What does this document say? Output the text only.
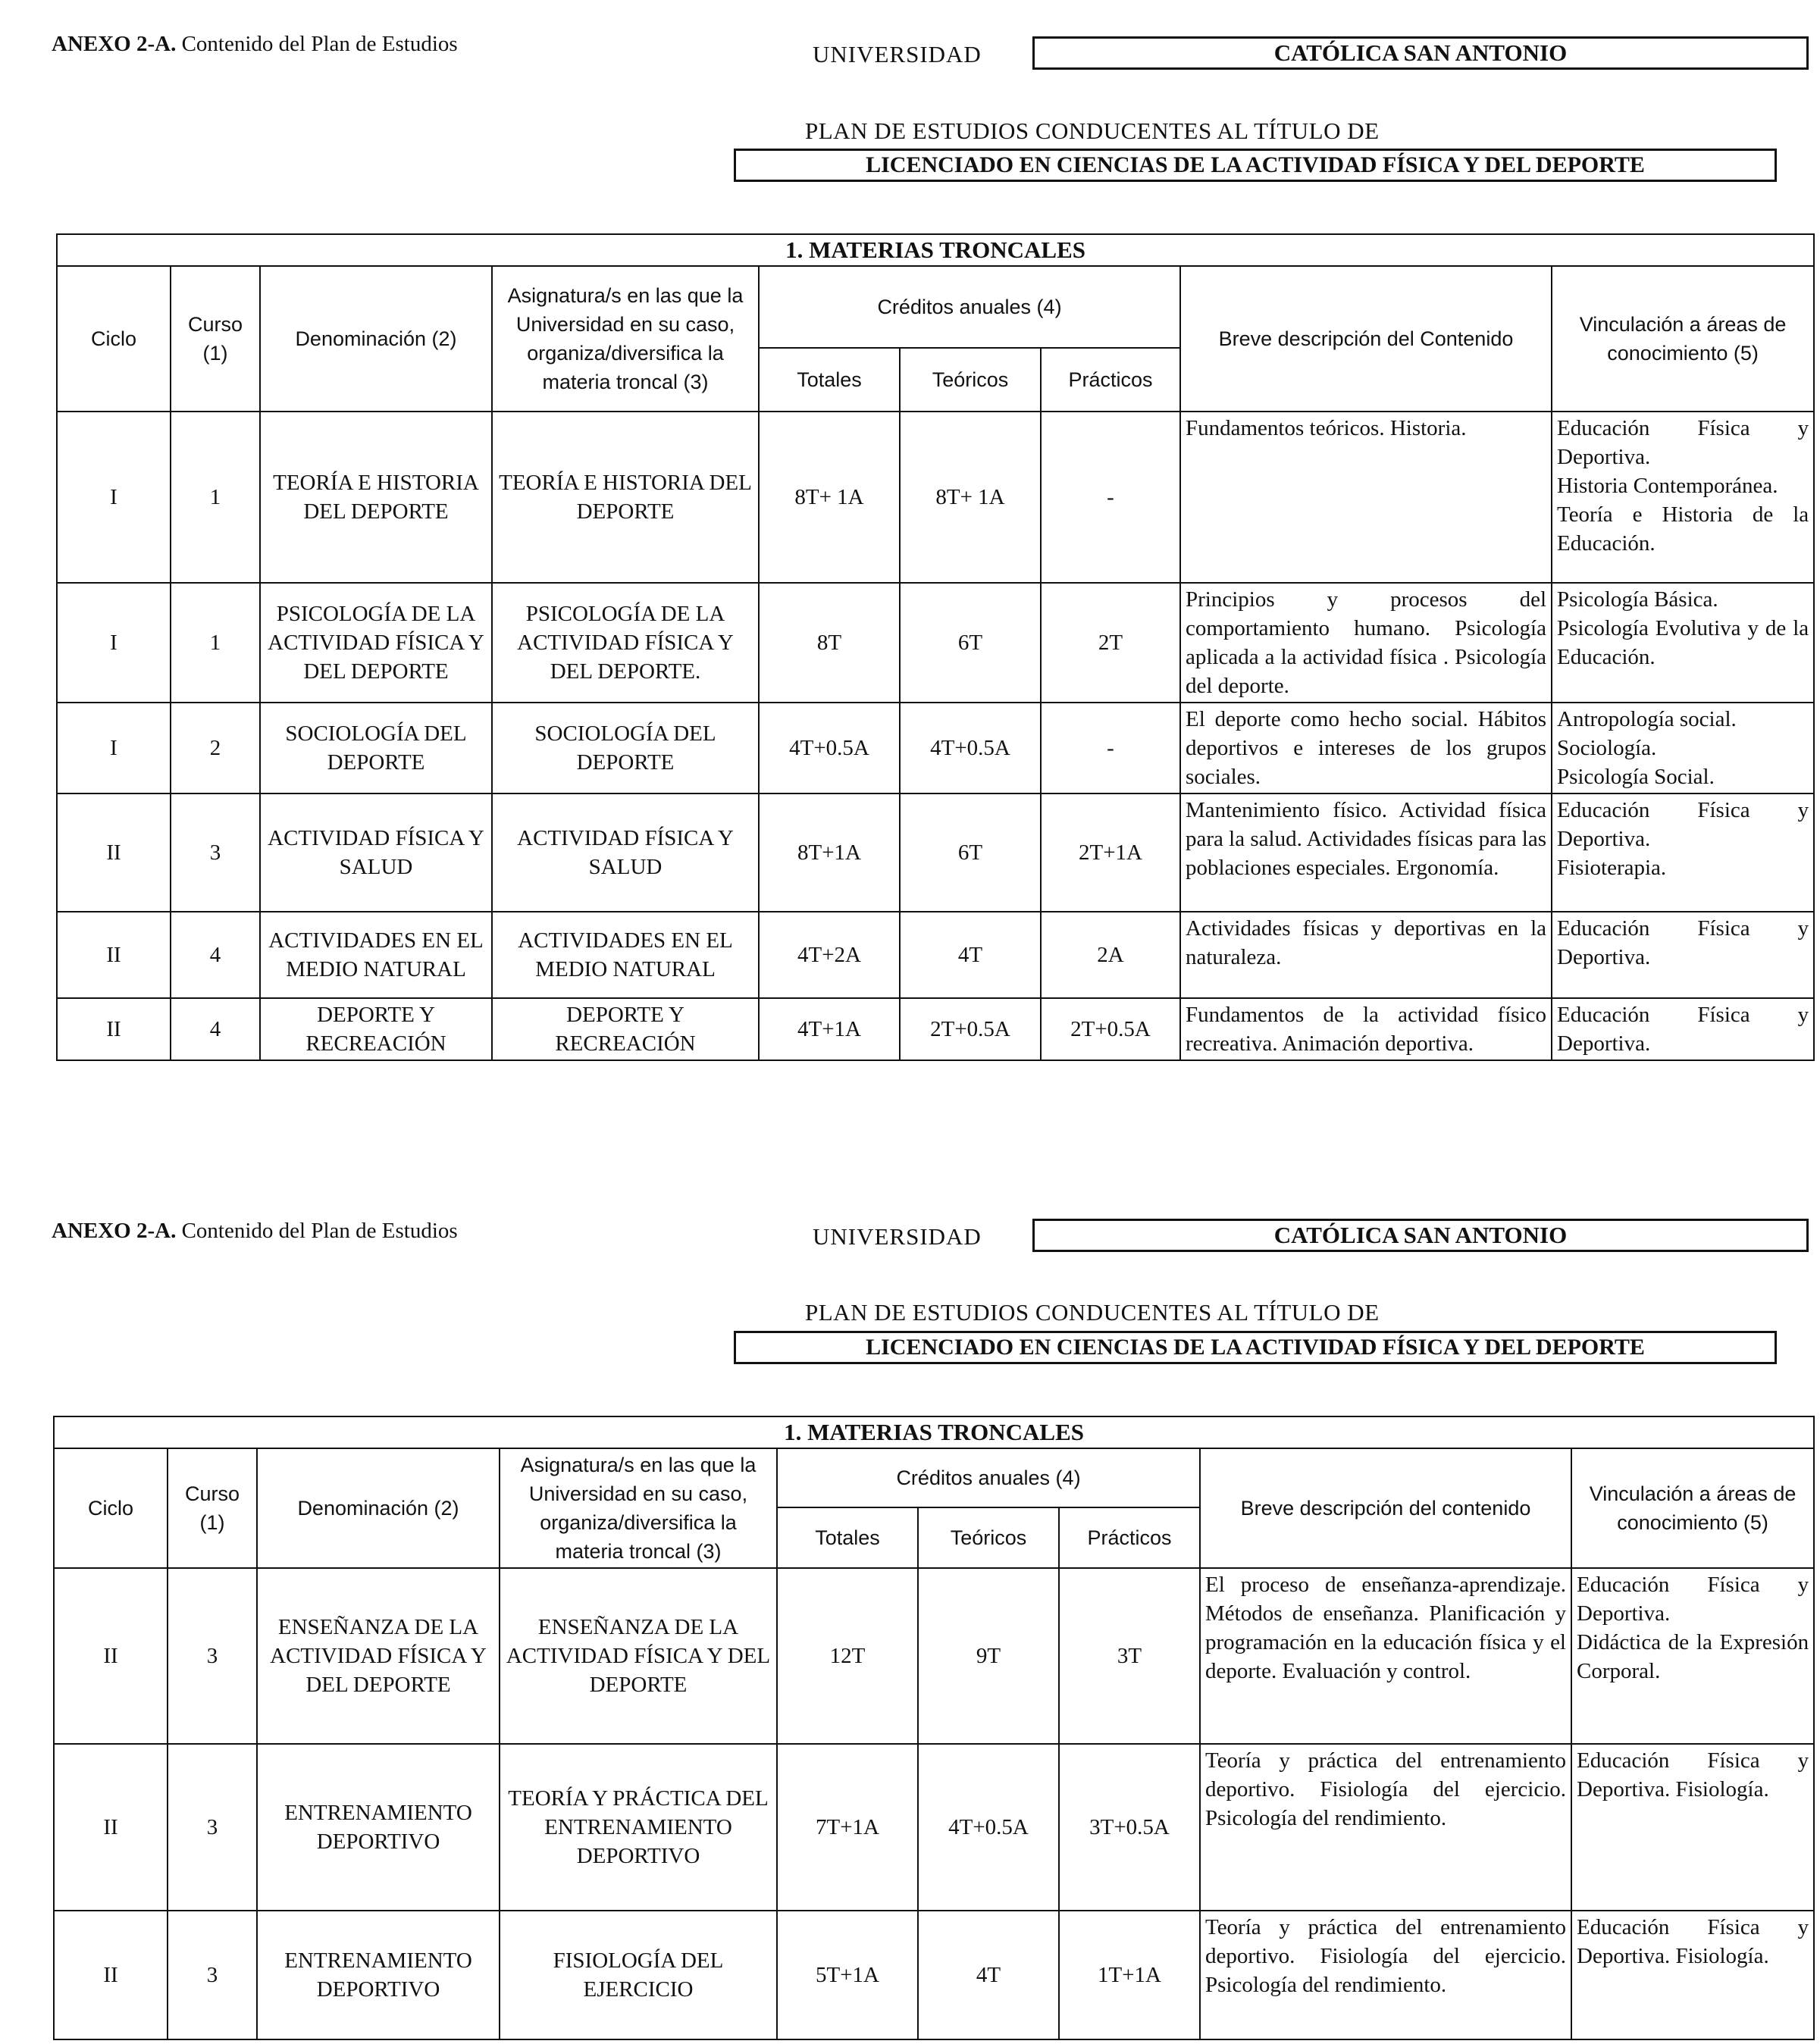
ANEXO 2-A. Contenido del Plan de Estudios	UNIVERSIDAD	CATÓLICA SAN ANTONIO
PLAN DE ESTUDIOS CONDUCENTES AL TÍTULO DE
LICENCIADO EN CIENCIAS DE LA ACTIVIDAD FÍSICA Y DEL DEPORTE
1. MATERIAS TRONCALES								
Ciclo	Curso (1)	Denominación (2)	Asignatura/s en las que la Universidad en su caso, organiza/diversifica la materia troncal (3)	Créditos anuales (4)			Breve descripción del Contenido	Vinculación a áreas de conocimiento (5)
				Totales	Teóricos	Prácticos		
I	1	TEORÍA E HISTORIA DEL DEPORTE	TEORÍA E HISTORIA DEL DEPORTE	8T+ 1A	8T+ 1A	-	Fundamentos teóricos. Historia.	Educación Física y Deportiva.
Historia Contemporánea.
Teoría e Historia de la Educación.

I	1	PSICOLOGÍA DE LA ACTIVIDAD FÍSICA Y DEL DEPORTE	PSICOLOGÍA DE LA ACTIVIDAD FÍSICA Y DEL DEPORTE.	8T	6T	2T	Principios y procesos del comportamiento humano. Psicología aplicada a la actividad física . Psicología del deporte.	Psicología Básica.
Psicología Evolutiva y de la Educación.

I	2	SOCIOLOGÍA DEL DEPORTE	SOCIOLOGÍA DEL DEPORTE	4T+0.5A	4T+0.5A	-	El deporte como hecho social. Hábitos deportivos e intereses de los grupos sociales.	Antropología social.
Sociología.
Psicología Social.

II	3	ACTIVIDAD FÍSICA Y SALUD	ACTIVIDAD FÍSICA Y SALUD	8T+1A	6T	2T+1A	Mantenimiento físico. Actividad física para la salud. Actividades físicas para las poblaciones especiales. Ergonomía.	Educación Física y Deportiva.
Fisioterapia.

II	4	ACTIVIDADES EN EL MEDIO NATURAL	ACTIVIDADES EN EL MEDIO NATURAL	4T+2A	4T	2A	Actividades físicas y deportivas en la naturaleza.	Educación Física y Deportiva.

II	4	DEPORTE Y RECREACIÓN	DEPORTE Y RECREACIÓN	4T+1A	2T+0.5A	2T+0.5A	Fundamentos de la actividad físico recreativa. Animación deportiva.	Educación Física y Deportiva.
ANEXO 2-A. Contenido del Plan de Estudios	UNIVERSIDAD	CATÓLICA SAN ANTONIO
PLAN DE ESTUDIOS CONDUCENTES AL TÍTULO DE
LICENCIADO EN CIENCIAS DE LA ACTIVIDAD FÍSICA Y DEL DEPORTE
1. MATERIAS TRONCALES								
Ciclo	Curso (1)	Denominación (2)	Asignatura/s en las que la Universidad en su caso, organiza/diversifica la materia troncal (3)	Créditos anuales (4)			Breve descripción del contenido	Vinculación a áreas de conocimiento (5)
				Totales	Teóricos	Prácticos		
II	3	ENSEÑANZA DE LA ACTIVIDAD FÍSICA Y DEL DEPORTE	ENSEÑANZA DE LA ACTIVIDAD FÍSICA Y DEL DEPORTE	12T	9T	3T	El proceso de enseñanza-aprendizaje. Métodos de enseñanza. Planificación y programación en la educación física y el deporte. Evaluación y control.	Educación Física y Deportiva.
Didáctica de la Expresión Corporal.

II	3	ENTRENAMIENTO DEPORTIVO	TEORÍA Y PRÁCTICA DEL ENTRENAMIENTO DEPORTIVO	7T+1A	4T+0.5A	3T+0.5A	Teoría y práctica del entrenamiento deportivo. Fisiología del ejercicio. Psicología del rendimiento.	Educación Física y Deportiva. Fisiología.

II	3	ENTRENAMIENTO DEPORTIVO	FISIOLOGÍA DEL EJERCICIO	5T+1A	4T	1T+1A	Teoría y práctica del entrenamiento deportivo. Fisiología del ejercicio. Psicología del rendimiento.	Educación Física y Deportiva. Fisiología.
